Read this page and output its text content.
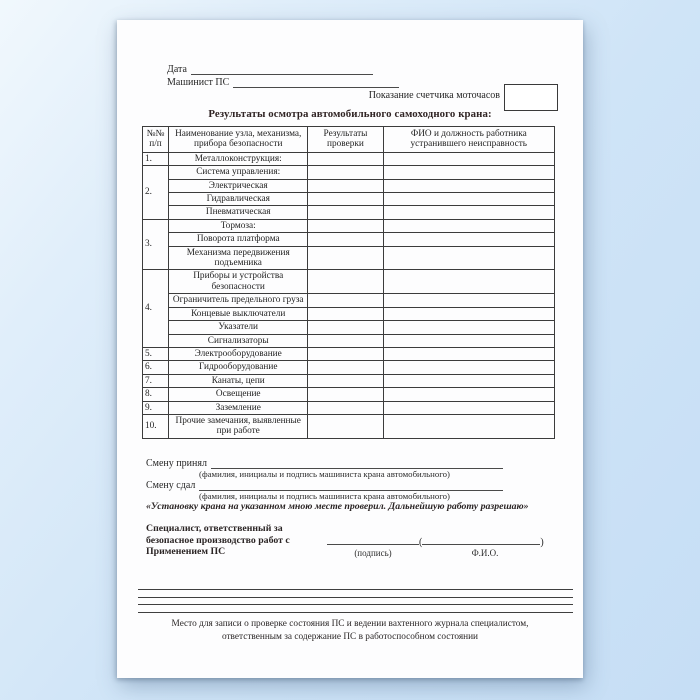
Дата
Машинист ПС
Показание счетчика моточасов
Результаты осмотра автомобильного самоходного крана:
№№ п/п	Наименование узла, механизма, прибора безопасности	Результаты проверки	ФИО и должность работника устранившего неисправность
1.	Металлоконструкция:		
2.	Система управления:		
	Электрическая		
	Гидравлическая		
	Пневматическая		
3.	Тормоза:		
	Поворота платформа		
	Механизма передвижения подъемника		
4.	Приборы и устройства безопасности		
	Ограничитель предельного груза		
	Концевые выключатели		
	Указатели		
	Сигнализаторы		
5.	Электрооборудование		
6.	Гидрооборудование		
7.	Канаты, цепи		
8.	Освещение		
9.	Заземление		
10.	Прочие замечания, выявленные при работе		
Смену принял
(фамилия, инициалы и подпись машиниста крана автомобильного)
Смену сдал
(фамилия, инициалы и подпись машиниста крана автомобильного)
«Установку крана на указанном мною месте проверил. Дальнейшую работу разрешаю»
Специалист, ответственный за
безопасное производство работ с
Применением ПС
(	)
(подпись)	Ф.И.О.
Место для записи о проверке состояния ПС и ведении вахтенного журнала специалистом,
ответственным за содержание ПС в работоспособном состоянии
